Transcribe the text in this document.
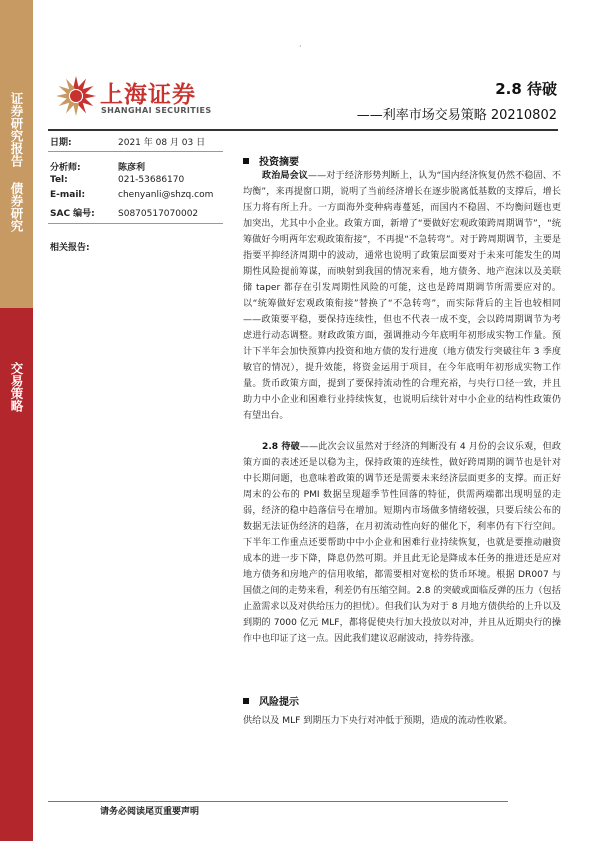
证券研究报告 债券研究
交易策略
·
上海证券
SHANGHAI SECURITIES
2.8 待破
——利率市场交易策略 20210802
日期:	2021 年 08 月 03 日
分析师:	陈彦利
Tel:	021-53686170
E-mail:	chenyanli@shzq.com
SAC 编号:	S0870517070002
相关报告:
投资摘要
政治局会议——对于经济形势判断上，认为“国内经济恢复仍然不稳固、不均衡”，来再提窗口期，说明了当前经济增长在逐步脱离低基数的支撑后，增长压力将有所上升。一方面海外变种病毒蔓延，而国内不稳固、不均衡问题也更加突出，尤其中小企业。政策方面，新增了“要做好宏观政策跨周期调节”，“统筹做好今明两年宏观政策衔接”，不再提“不急转弯”。对于跨周期调节，主要是指要平抑经济周期中的波动，通常也说明了政策层面要对于未来可能发生的周期性风险提前筹谋，而映射到我国的情况来看，地方债务、地产泡沫以及美联储 taper 都存在引发周期性风险的可能，这也是跨周期调节所需要应对的。以“统筹做好宏观政策衔接”替换了“不急转弯”，而实际背后的主旨也较相同——政策要平稳，要保持连续性，但也不代表一成不变，会以跨周期调节为考虑进行动态调整。财政政策方面，强调推动今年底明年初形成实物工作量。预计下半年会加快预算内投资和地方债的发行进度（地方债发行突破往年 3 季度敏官的情况），提升效能，将资金运用于项目，在今年底明年初形成实物工作量。货币政策方面，提到了要保持流动性的合理充裕，与央行口径一致，并且助力中小企业和困难行业持续恢复，也说明后续针对中小企业的结构性政策仍有望出台。
2.8 待破——此次会议虽然对于经济的判断没有 4 月份的会议乐观，但政策方面的表述还是以稳为主，保持政策的连续性，做好跨周期的调节也是针对中长期问题，也意味着政策的调节还是需要未来经济层面更多的支撑。而正好周末的公布的 PMI 数据呈现超季节性回落的特征，供需两端都出现明显的走弱，经济的稳中趋落信号在增加。短期内市场做多情绪较强，只要后续公布的数据无法证伪经济的趋落，在月初流动性向好的催化下，利率仍有下行空间。下半年工作重点还要帮助中中小企业和困难行业持续恢复，也就是要推动融资成本的进一步下降，降息仍然可期。并且此无论是降成本任务的推进还是应对地方债务和房地产的信用收缩，都需要相对宽松的货币环境。根据 DR007 与国债之间的走势来看，利差仍有压缩空间。2.8 的突破或面临反弹的压力（包括止盈需求以及对供给压力的担忧）。但我们认为对于 8 月地方债供给的上升以及到期的 7000 亿元 MLF，都将促使央行加大投放以对冲，并且从近期央行的操作中也印证了这一点。因此我们建议忍耐波动，持券待涨。
风险提示
供给以及 MLF 到期压力下央行对冲低于预期，造成的流动性收紧。
请务必阅读尾页重要声明
